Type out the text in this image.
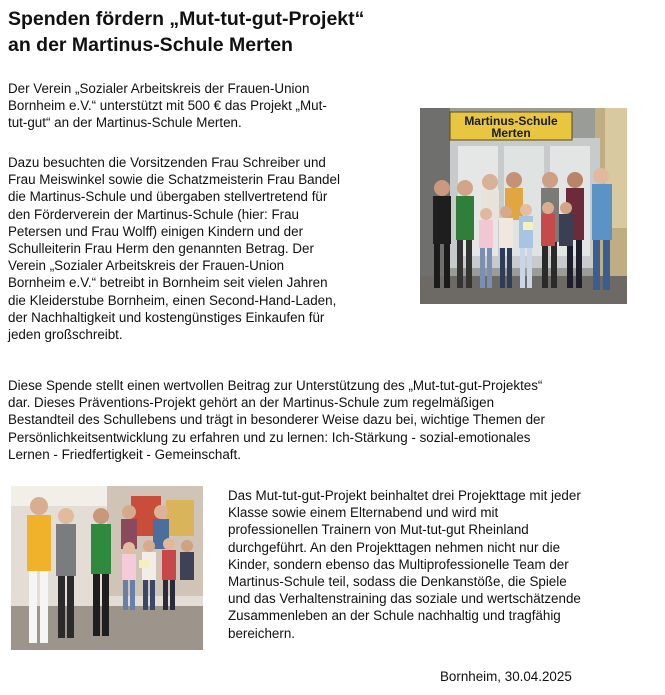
Spenden fördern „Mut-tut-gut-Projekt“
an der Martinus-Schule Merten
Der Verein „Sozialer Arbeitskreis der Frauen-Union
Bornheim e.V.“ unterstützt mit 500 € das Projekt „Mut-
tut-gut“ an der Martinus-Schule Merten.
Dazu besuchten die Vorsitzenden Frau Schreiber und
Frau Meiswinkel sowie die Schatzmeisterin Frau Bandel
die Martinus-Schule und übergaben stellvertretend für
den Förderverein der Martinus-Schule (hier: Frau
Petersen und Frau Wolff) einigen Kindern und der
Schulleiterin Frau Herm den genannten Betrag. Der
Verein „Sozialer Arbeitskreis der Frauen-Union
Bornheim e.V.“ betreibt in Bornheim seit vielen Jahren
die Kleiderstube Bornheim, einen Second-Hand-Laden,
der Nachhaltigkeit und kostengünstiges Einkaufen für
jeden großschreibt.
Martinus-Schule
Merten
Diese Spende stellt einen wertvollen Beitrag zur Unterstützung des „Mut-tut-gut-Projektes“
dar. Dieses Präventions-Projekt gehört an der Martinus-Schule zum regelmäßigen
Bestandteil des Schullebens und trägt in besonderer Weise dazu bei, wichtige Themen der
Persönlichkeitsentwicklung zu erfahren und zu lernen: Ich-Stärkung - sozial-emotionales
Lernen - Friedfertigkeit - Gemeinschaft.
Das Mut-tut-gut-Projekt beinhaltet drei Projekttage mit jeder
Klasse sowie einem Elternabend und wird mit
professionellen Trainern von Mut-tut-gut Rheinland
durchgeführt. An den Projekttagen nehmen nicht nur die
Kinder, sondern ebenso das Multiprofessionelle Team der
Martinus-Schule teil, sodass die Denkanstöße, die Spiele
und das Verhaltenstraining das soziale und wertschätzende
Zusammenleben an der Schule nachhaltig und tragfähig
bereichern.
Bornheim, 30.04.2025
